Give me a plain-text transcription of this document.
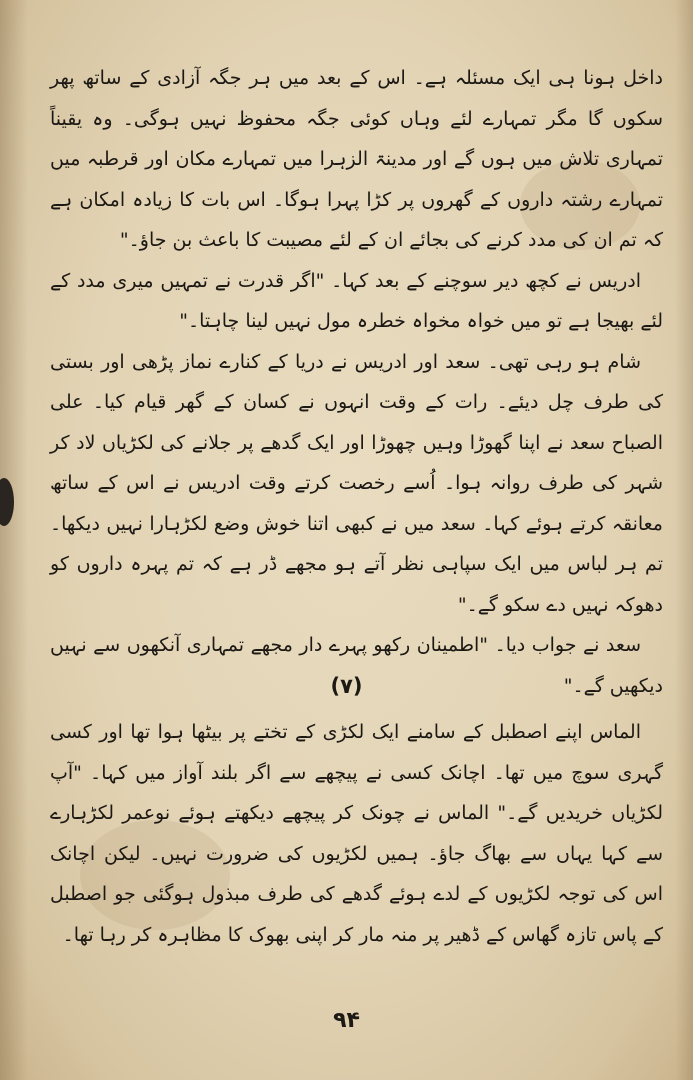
داخل ہونا ہی ایک مسئلہ ہے۔ اس کے بعد میں ہر جگہ آزادی کے ساتھ پھر سکوں گا مگر تمہارے لئے وہاں کوئی جگہ محفوظ نہیں ہوگی۔ وہ یقیناً تمہاری تلاش میں ہوں گے اور مدینۃ الزہرا میں تمہارے مکان اور قرطبہ میں تمہارے رشتہ داروں کے گھروں پر کڑا پہرا ہوگا۔ اس بات کا زیادہ امکان ہے کہ تم ان کی مدد کرنے کی بجائے ان کے لئے مصیبت کا باعث بن جاؤ۔"

ادریس نے کچھ دیر سوچنے کے بعد کہا۔ "اگر قدرت نے تمہیں میری مدد کے لئے بھیجا ہے تو میں خواہ مخواہ خطرہ مول نہیں لینا چاہتا۔"

شام ہو رہی تھی۔ سعد اور ادریس نے دریا کے کنارے نماز پڑھی اور بستی کی طرف چل دیئے۔ رات کے وقت انہوں نے کسان کے گھر قیام کیا۔ علی الصباح سعد نے اپنا گھوڑا وہیں چھوڑا اور ایک گدھے پر جلانے کی لکڑیاں لاد کر شہر کی طرف روانہ ہوا۔ اُسے رخصت کرتے وقت ادریس نے اس کے ساتھ معانقہ کرتے ہوئے کہا۔ سعد میں نے کبھی اتنا خوش وضع لکڑہارا نہیں دیکھا۔ تم ہر لباس میں ایک سپاہی نظر آتے ہو مجھے ڈر ہے کہ تم پہرہ داروں کو دھوکہ نہیں دے سکو گے۔"

سعد نے جواب دیا۔ "اطمینان رکھو پہرے دار مجھے تمہاری آنکھوں سے نہیں دیکھیں گے۔"

(۷)

الماس اپنے اصطبل کے سامنے ایک لکڑی کے تختے پر بیٹھا ہوا تھا اور کسی گہری سوچ میں تھا۔ اچانک کسی نے پیچھے سے اگر بلند آواز میں کہا۔ "آپ لکڑیاں خریدیں گے۔" الماس نے چونک کر پیچھے دیکھتے ہوئے نوعمر لکڑہارے سے کہا یہاں سے بھاگ جاؤ۔ ہمیں لکڑیوں کی ضرورت نہیں۔ لیکن اچانک اس کی توجہ لکڑیوں کے لدے ہوئے گدھے کی طرف مبذول ہوگئی جو اصطبل کے پاس تازہ گھاس کے ڈھیر پر منہ مار کر اپنی بھوک کا مظاہرہ کر رہا تھا۔

۹۴
